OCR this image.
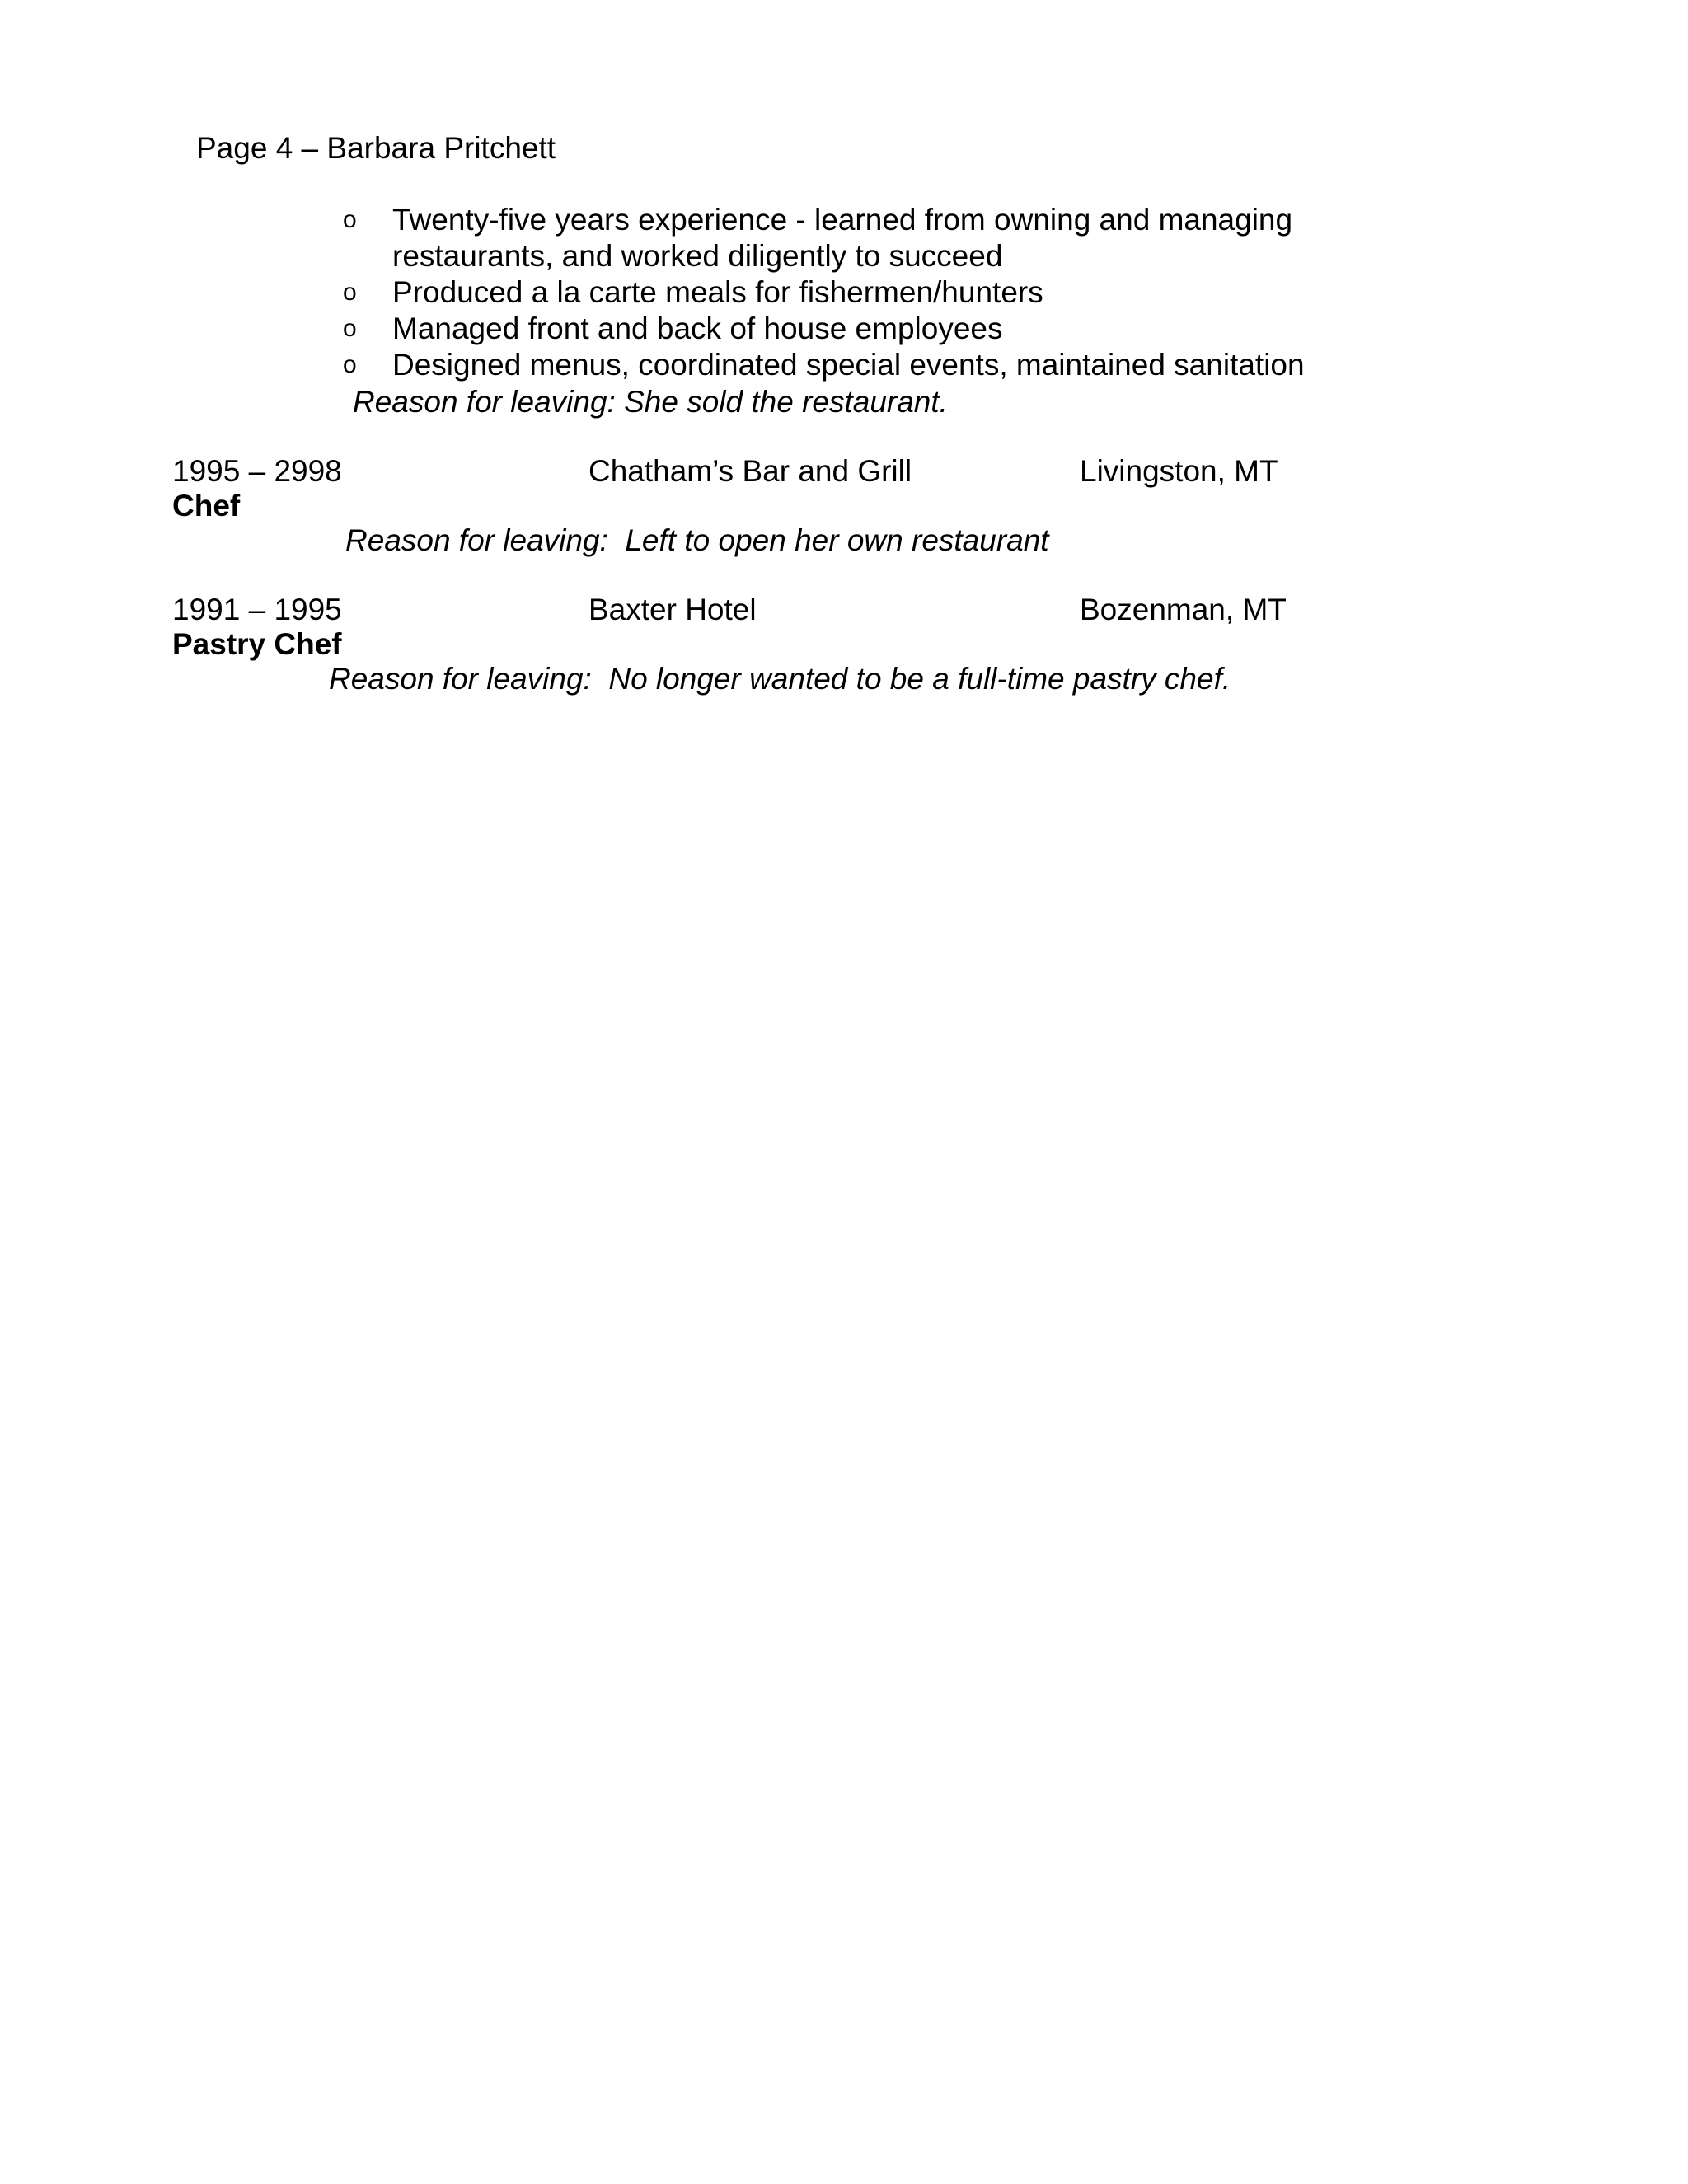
Page 4 – Barbara Pritchett
o Twenty-five years experience - learned from owning and managing restaurants, and worked diligently to succeed
o Produced a la carte meals for fishermen/hunters
o Managed front and back of house employees
o Designed menus, coordinated special events, maintained sanitation
Reason for leaving: She sold the restaurant.
1995 – 2998	Chatham’s Bar and Grill	Livingston, MT
Chef
Reason for leaving:  Left to open her own restaurant
1991 – 1995	Baxter Hotel	Bozenman, MT
Pastry Chef
Reason for leaving:  No longer wanted to be a full-time pastry chef.
